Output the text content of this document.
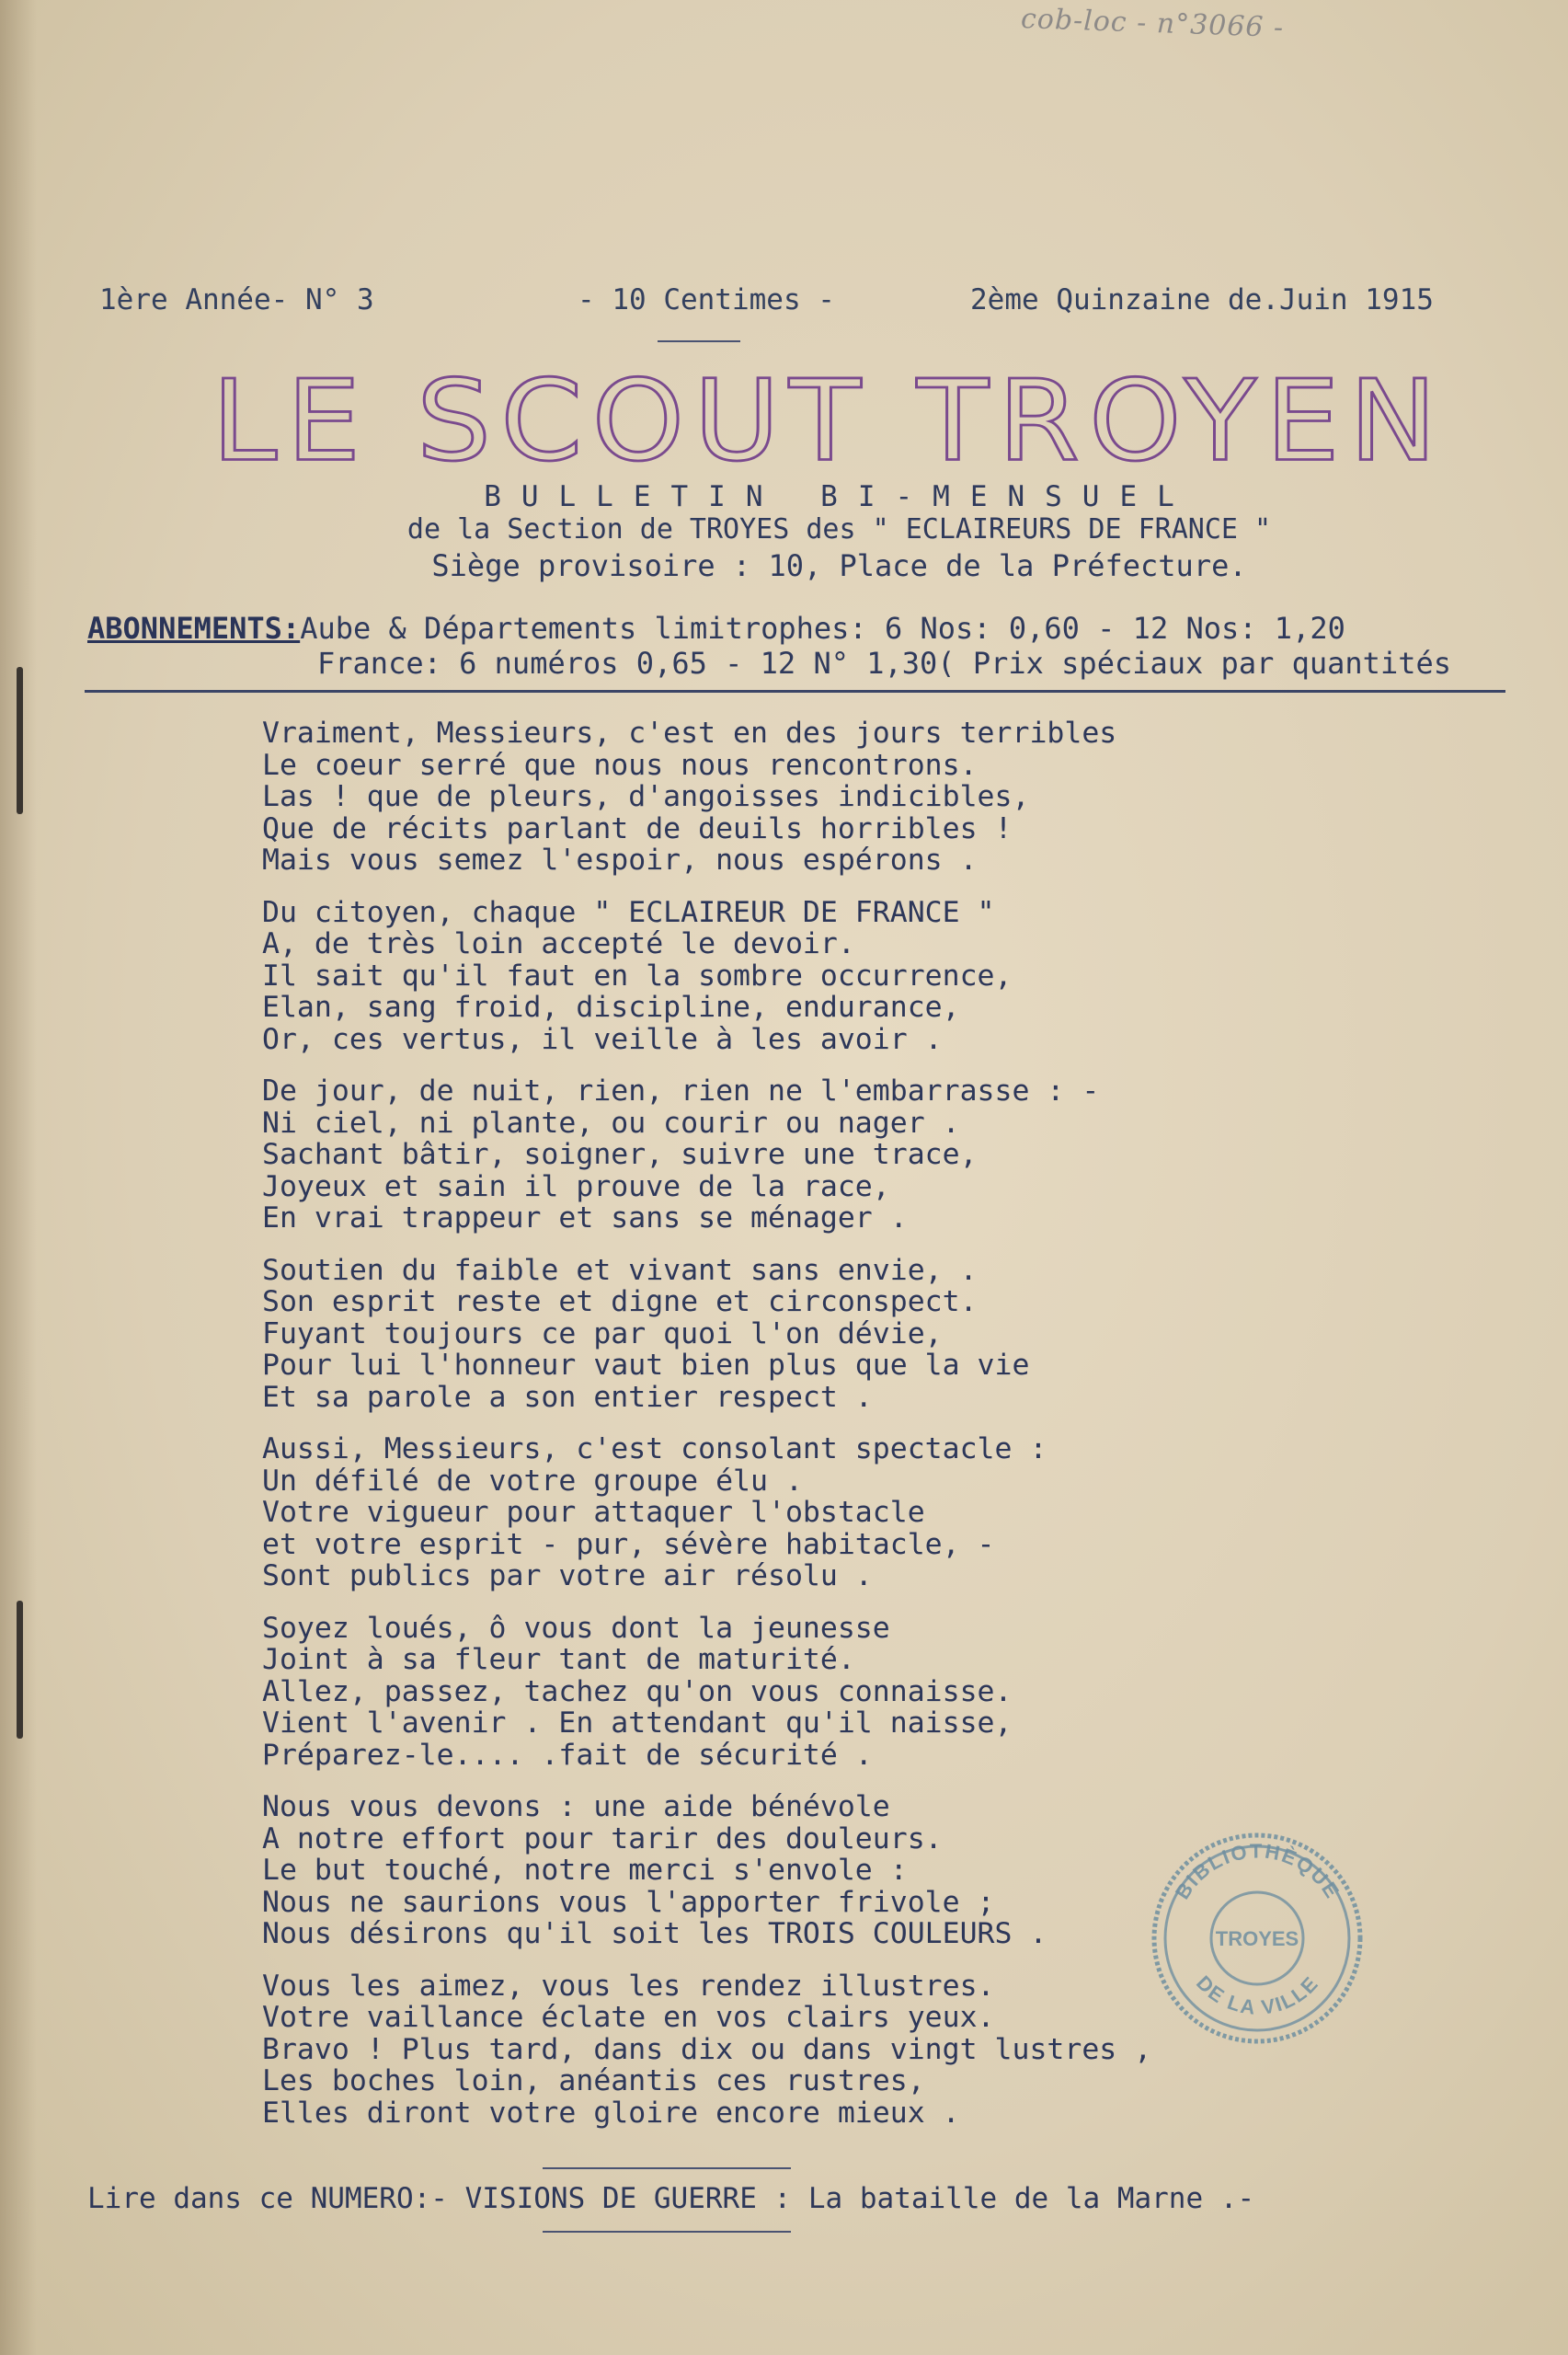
cob-loc - n°3066 -
1ère Année- N° 3	- 10 Centimes -	2ème Quinzaine de.Juin 1915
LE SCOUT TROYEN
BULLETIN BI-MENSUEL
de la Section de TROYES des " ECLAIREURS DE FRANCE "
Siège provisoire : 10, Place de la Préfecture.
ABONNEMENTS:Aube & Départements limitrophes: 6 Nos: 0,60 - 12 Nos: 1,20
France: 6 numéros 0,65 - 12 N° 1,30( Prix spéciaux par quantités
Vraiment, Messieurs, c'est en des jours terribles
Le coeur serré que nous nous rencontrons.
Las ! que de pleurs, d'angoisses indicibles,
Que de récits parlant de deuils horribles !
Mais vous semez l'espoir, nous espérons .
Du citoyen, chaque " ECLAIREUR DE FRANCE "
A, de très loin accepté le devoir.
Il sait qu'il faut en la sombre occurrence,
Elan, sang froid, discipline, endurance,
Or, ces vertus, il veille à les avoir .
De jour, de nuit, rien, rien ne l'embarrasse : -
Ni ciel, ni plante, ou courir ou nager .
Sachant bâtir, soigner, suivre une trace,
Joyeux et sain il prouve de la race,
En vrai trappeur et sans se ménager .
Soutien du faible et vivant sans envie, .
Son esprit reste et digne et circonspect.
Fuyant toujours ce par quoi l'on dévie,
Pour lui l'honneur vaut bien plus que la vie
Et sa parole a son entier respect .
Aussi, Messieurs, c'est consolant spectacle :
Un défilé de votre groupe élu .
Votre vigueur pour attaquer l'obstacle
et votre esprit - pur, sévère habitacle, -
Sont publics par votre air résolu .
Soyez loués, ô vous dont la jeunesse
Joint à sa fleur tant de maturité.
Allez, passez, tachez qu'on vous connaisse.
Vient l'avenir . En attendant qu'il naisse,
Préparez-le.... .fait de sécurité .
Nous vous devons : une aide bénévole
A notre effort pour tarir des douleurs.
Le but touché, notre merci s'envole :
Nous ne saurions vous l'apporter frivole ;
Nous désirons qu'il soit les TROIS COULEURS .
Vous les aimez, vous les rendez illustres.
Votre vaillance éclate en vos clairs yeux.
Bravo ! Plus tard, dans dix ou dans vingt lustres ,
Les boches loin, anéantis ces rustres,
Elles diront votre gloire encore mieux .
Lire dans ce NUMERO:- VISIONS DE GUERRE : La bataille de la Marne .-
BIBLIOTHÈQUE
DE LA VILLE
TROYES
